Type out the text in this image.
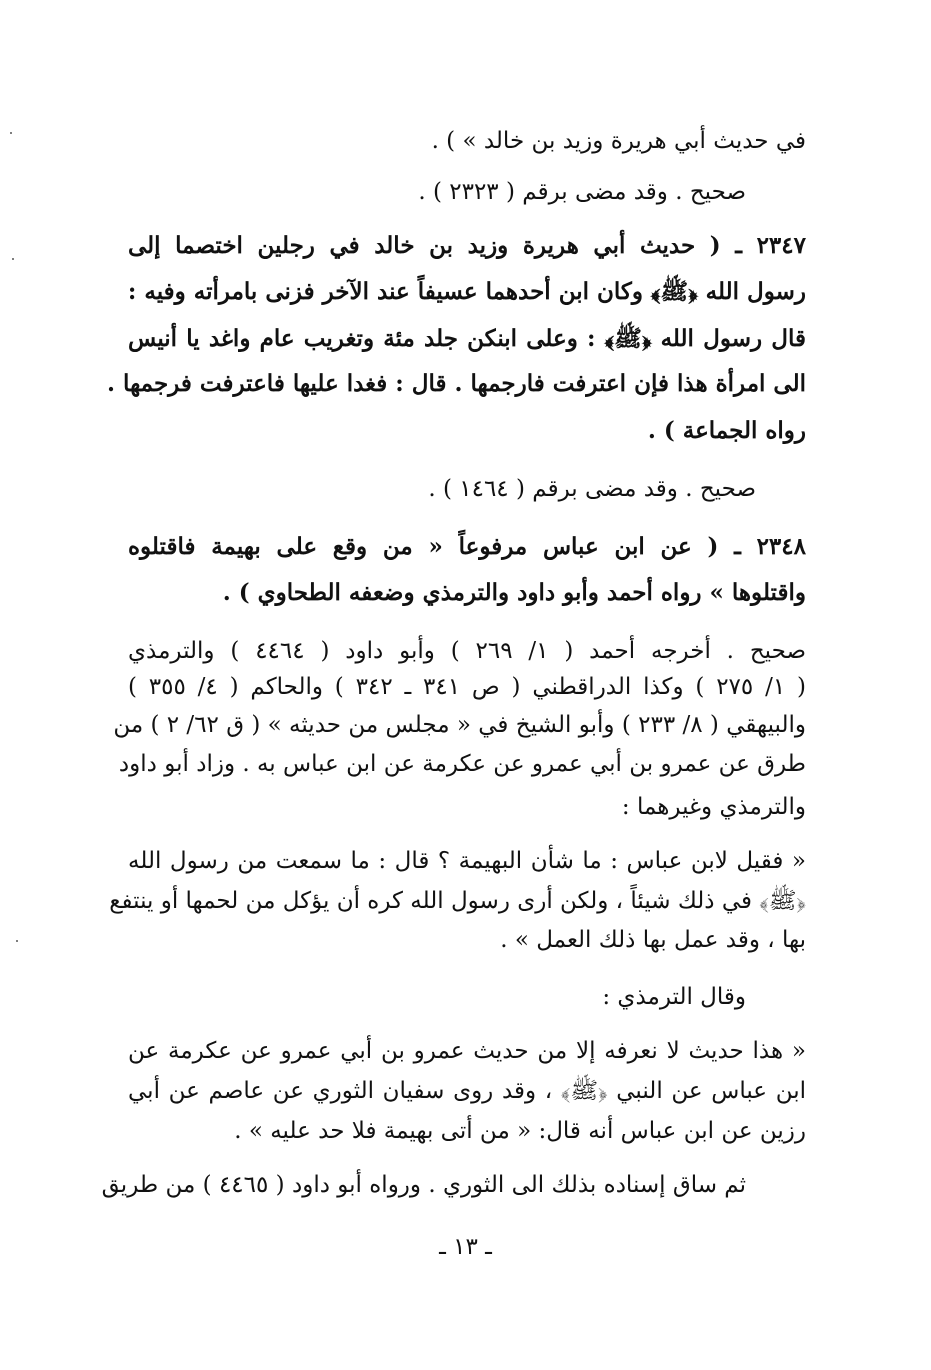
في حديث أبي هريرة وزيد بن خالد » ) .
صحيح . وقد مضى برقم ( ٢٣٢٣ ) .
٢٣٤٧ ـ ( حديث أبي هريرة وزيد بن خالد في رجلين اختصما إلى
رسول الله ﴿ﷺ﴾ وكان ابن أحدهما عسيفاً عند الآخر فزنى بامرأته وفيه :
قال رسول الله ﴿ﷺ﴾ : وعلى ابنكن جلد مئة وتغريب عام واغد يا أنيس
الى امرأة هذا فإن اعترفت فارجمها . قال : فغدا عليها فاعترفت فرجمها .
رواه الجماعة ) .
صحيح . وقد مضى برقم ( ١٤٦٤ ) .
٢٣٤٨ ـ ( عن ابن عباس مرفوعاً « من وقع على بهيمة فاقتلوه
واقتلوها » رواه أحمد وأبو داود والترمذي وضعفه الطحاوي ) .
صحيح . أخرجه أحمد ( ١/ ٢٦٩ ) وأبو داود ( ٤٤٦٤ ) والترمذي
( ١/ ٢٧٥ ) وكذا الدراقطني ( ص ٣٤١ ـ ٣٤٢ ) والحاكم ( ٤/ ٣٥٥ )
والبيهقي ( ٨/ ٢٣٣ ) وأبو الشيخ في « مجلس من حديثه » ( ق ٦٢/ ٢ ) من
طرق عن عمرو بن أبي عمرو عن عكرمة عن ابن عباس به . وزاد أبو داود
والترمذي وغيرهما :
« فقيل لابن عباس : ما شأن البهيمة ؟ قال : ما سمعت من رسول الله
﴿ﷺ﴾ في ذلك شيئاً ، ولكن أرى رسول الله كره أن يؤكل من لحمها أو ينتفع
بها ، وقد عمل بها ذلك العمل » .
وقال الترمذي :
« هذا حديث لا نعرفه إلا من حديث عمرو بن أبي عمرو عن عكرمة عن
ابن عباس عن النبي ﴿ﷺ﴾ ، وقد روى سفيان الثوري عن عاصم عن أبي
رزين عن ابن عباس أنه قال: « من أتى بهيمة فلا حد عليه » .
ثم ساق إسناده بذلك الى الثوري . ورواه أبو داود ( ٤٤٦٥ ) من طريق
ـ ١٣ ـ
